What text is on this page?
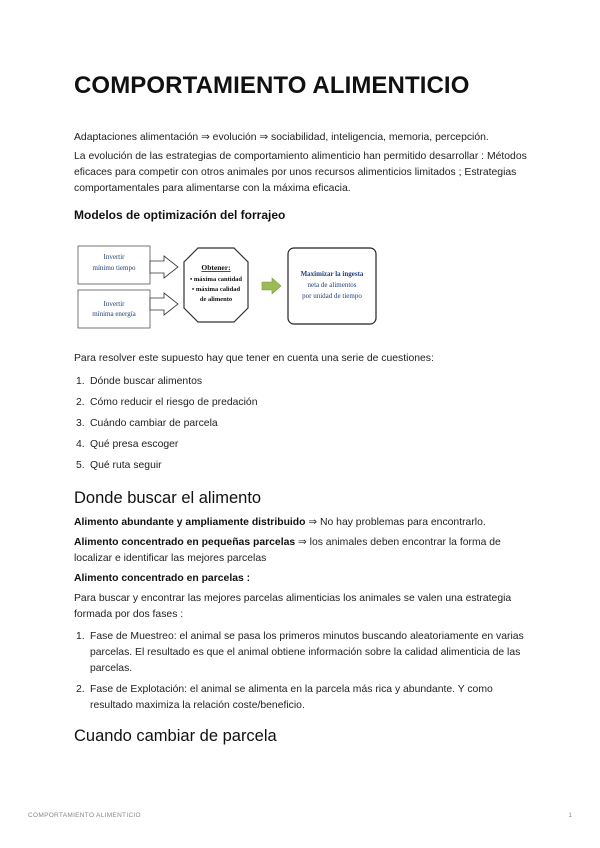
COMPORTAMIENTO ALIMENTICIO

Adaptaciones alimentación ⇒ evolución ⇒ sociabilidad, inteligencia, memoria, percepción.

La evolución de las estrategias de comportamiento alimenticio han permitido desarrollar : Métodos eficaces para competir con otros animales por unos recursos alimenticios limitados ; Estrategias comportamentales para alimentarse con la máxima eficacia.

Modelos de optimización del forrajeo

Para resolver este supuesto hay que tener en cuenta una serie de cuestiones:

1. Dónde buscar alimentos
2. Cómo reducir el riesgo de predación
3. Cuándo cambiar de parcela
4. Qué presa escoger
5. Qué ruta seguir

Donde buscar el alimento

Alimento abundante y ampliamente distribuido ⇒ No hay problemas para encontrarlo.

Alimento concentrado en pequeñas parcelas ⇒ los animales deben encontrar la forma de localizar e identificar las mejores parcelas

Alimento concentrado en parcelas :

Para buscar y encontrar las mejores parcelas alimenticias los animales se valen una estrategia formada por dos fases :

1. Fase de Muestreo: el animal se pasa los primeros minutos buscando aleatoriamente en varias parcelas. El resultado es que el animal obtiene información sobre la calidad alimenticia de las parcelas.
2. Fase de Explotación: el animal se alimenta en la parcela más rica y abundante. Y como resultado maximiza la relación coste/beneficio.

Cuando cambiar de parcela

Invertir
mínimo tiempo
Invertir
mínima energía
Obtener:
• máxima cantidad
• máxima calidad
de alimento
Maximizar la ingesta
neta de alimentos
por unidad de tiempo
COMPORTAMIENTO ALIMENTICIO	1
